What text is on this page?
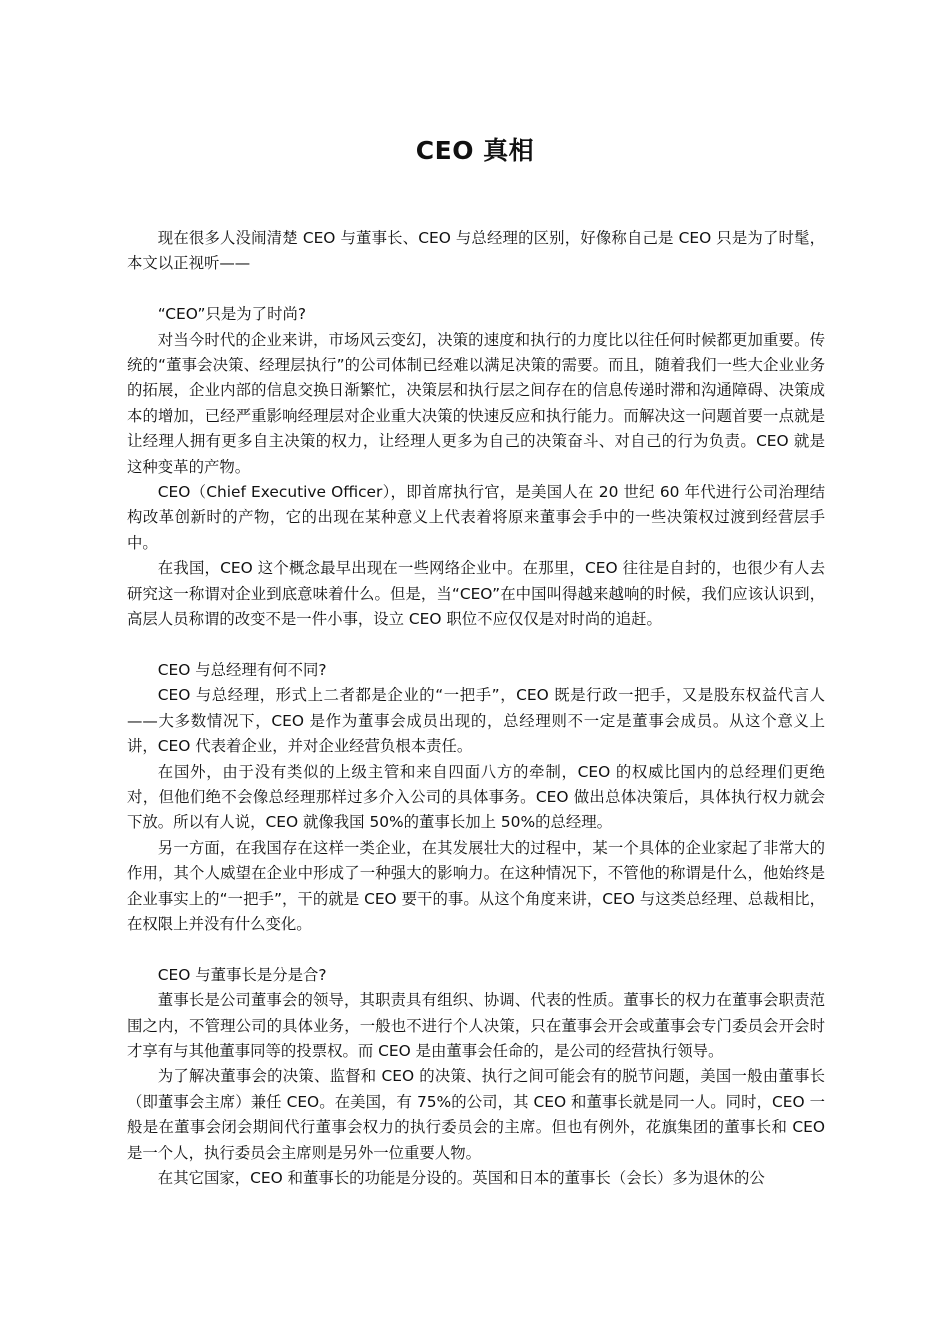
CEO 真相

现在很多人没闹清楚 CEO 与董事长、CEO 与总经理的区别，好像称自己是 CEO 只是为了时髦，本文以正视听——

“CEO”只是为了时尚?

对当今时代的企业来讲，市场风云变幻，决策的速度和执行的力度比以往任何时候都更加重要。传统的“董事会决策、经理层执行”的公司体制已经难以满足决策的需要。而且，随着我们一些大企业业务的拓展，企业内部的信息交换日渐繁忙，决策层和执行层之间存在的信息传递时滞和沟通障碍、决策成本的增加，已经严重影响经理层对企业重大决策的快速反应和执行能力。而解决这一问题首要一点就是让经理人拥有更多自主决策的权力，让经理人更多为自己的决策奋斗、对自己的行为负责。CEO 就是这种变革的产物。

CEO（Chief Executive Officer），即首席执行官，是美国人在 20 世纪 60 年代进行公司治理结构改革创新时的产物，它的出现在某种意义上代表着将原来董事会手中的一些决策权过渡到经营层手中。

在我国，CEO 这个概念最早出现在一些网络企业中。在那里，CEO 往往是自封的，也很少有人去研究这一称谓对企业到底意味着什么。但是，当“CEO”在中国叫得越来越响的时候，我们应该认识到，高层人员称谓的改变不是一件小事，设立 CEO 职位不应仅仅是对时尚的追赶。

CEO 与总经理有何不同?

CEO 与总经理，形式上二者都是企业的“一把手”，CEO 既是行政一把手，又是股东权益代言人——大多数情况下，CEO 是作为董事会成员出现的，总经理则不一定是董事会成员。从这个意义上讲，CEO 代表着企业，并对企业经营负根本责任。

在国外，由于没有类似的上级主管和来自四面八方的牵制，CEO 的权威比国内的总经理们更绝对，但他们绝不会像总经理那样过多介入公司的具体事务。CEO 做出总体决策后，具体执行权力就会下放。所以有人说，CEO 就像我国 50%的董事长加上 50%的总经理。

另一方面，在我国存在这样一类企业，在其发展壮大的过程中，某一个具体的企业家起了非常大的作用，其个人威望在企业中形成了一种强大的影响力。在这种情况下，不管他的称谓是什么，他始终是企业事实上的“一把手”，干的就是 CEO 要干的事。从这个角度来讲，CEO 与这类总经理、总裁相比，在权限上并没有什么变化。

CEO 与董事长是分是合?

董事长是公司董事会的领导，其职责具有组织、协调、代表的性质。董事长的权力在董事会职责范围之内，不管理公司的具体业务，一般也不进行个人决策，只在董事会开会或董事会专门委员会开会时才享有与其他董事同等的投票权。而 CEO 是由董事会任命的，是公司的经营执行领导。

为了解决董事会的决策、监督和 CEO 的决策、执行之间可能会有的脱节问题，美国一般由董事长（即董事会主席）兼任 CEO。在美国，有 75%的公司，其 CEO 和董事长就是同一人。同时，CEO 一般是在董事会闭会期间代行董事会权力的执行委员会的主席。但也有例外，花旗集团的董事长和 CEO 是一个人，执行委员会主席则是另外一位重要人物。

在其它国家，CEO 和董事长的功能是分设的。英国和日本的董事长（会长）多为退休的公
